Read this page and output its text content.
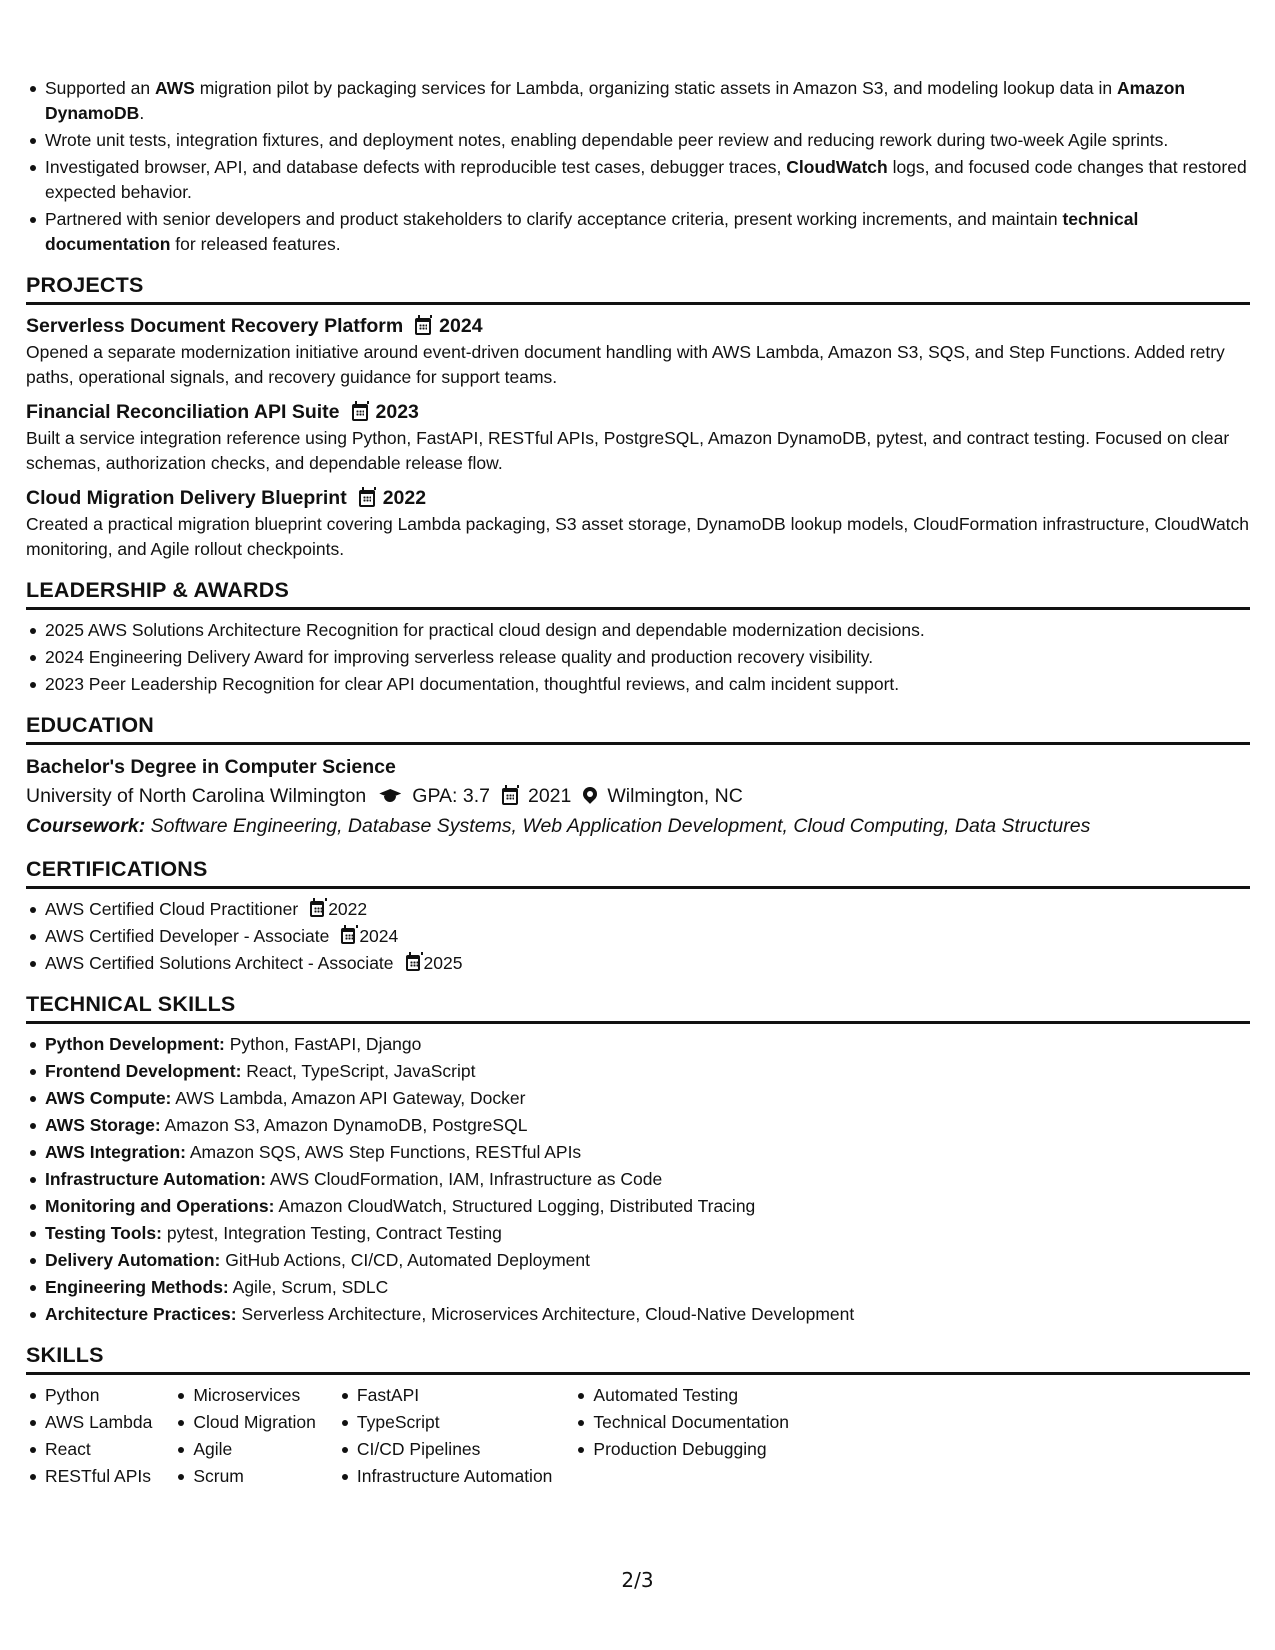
Supported an AWS migration pilot by packaging services for Lambda, organizing static assets in Amazon S3, and modeling lookup data in Amazon DynamoDB.
Wrote unit tests, integration fixtures, and deployment notes, enabling dependable peer review and reducing rework during two-week Agile sprints.
Investigated browser, API, and database defects with reproducible test cases, debugger traces, CloudWatch logs, and focused code changes that restored expected behavior.
Partnered with senior developers and product stakeholders to clarify acceptance criteria, present working increments, and maintain technical documentation for released features.
PROJECTS
Serverless Document Recovery Platform 2024
Opened a separate modernization initiative around event-driven document handling with AWS Lambda, Amazon S3, SQS, and Step Functions. Added retry paths, operational signals, and recovery guidance for support teams.
Financial Reconciliation API Suite 2023
Built a service integration reference using Python, FastAPI, RESTful APIs, PostgreSQL, Amazon DynamoDB, pytest, and contract testing. Focused on clear schemas, authorization checks, and dependable release flow.
Cloud Migration Delivery Blueprint 2022
Created a practical migration blueprint covering Lambda packaging, S3 asset storage, DynamoDB lookup models, CloudFormation infrastructure, CloudWatch monitoring, and Agile rollout checkpoints.
LEADERSHIP & AWARDS
2025 AWS Solutions Architecture Recognition for practical cloud design and dependable modernization decisions.
2024 Engineering Delivery Award for improving serverless release quality and production recovery visibility.
2023 Peer Leadership Recognition for clear API documentation, thoughtful reviews, and calm incident support.
EDUCATION
Bachelor's Degree in Computer Science
University of North Carolina Wilmington GPA: 3.7 2021 Wilmington, NC
Coursework: Software Engineering, Database Systems, Web Application Development, Cloud Computing, Data Structures
CERTIFICATIONS
AWS Certified Cloud Practitioner 2022
AWS Certified Developer - Associate 2024
AWS Certified Solutions Architect - Associate 2025
TECHNICAL SKILLS
Python Development: Python, FastAPI, Django
Frontend Development: React, TypeScript, JavaScript
AWS Compute: AWS Lambda, Amazon API Gateway, Docker
AWS Storage: Amazon S3, Amazon DynamoDB, PostgreSQL
AWS Integration: Amazon SQS, AWS Step Functions, RESTful APIs
Infrastructure Automation: AWS CloudFormation, IAM, Infrastructure as Code
Monitoring and Operations: Amazon CloudWatch, Structured Logging, Distributed Tracing
Testing Tools: pytest, Integration Testing, Contract Testing
Delivery Automation: GitHub Actions, CI/CD, Automated Deployment
Engineering Methods: Agile, Scrum, SDLC
Architecture Practices: Serverless Architecture, Microservices Architecture, Cloud-Native Development
SKILLS
Python
AWS Lambda
React
RESTful APIs
Microservices
Cloud Migration
Agile
Scrum
FastAPI
TypeScript
CI/CD Pipelines
Infrastructure Automation
Automated Testing
Technical Documentation
Production Debugging
2/3
